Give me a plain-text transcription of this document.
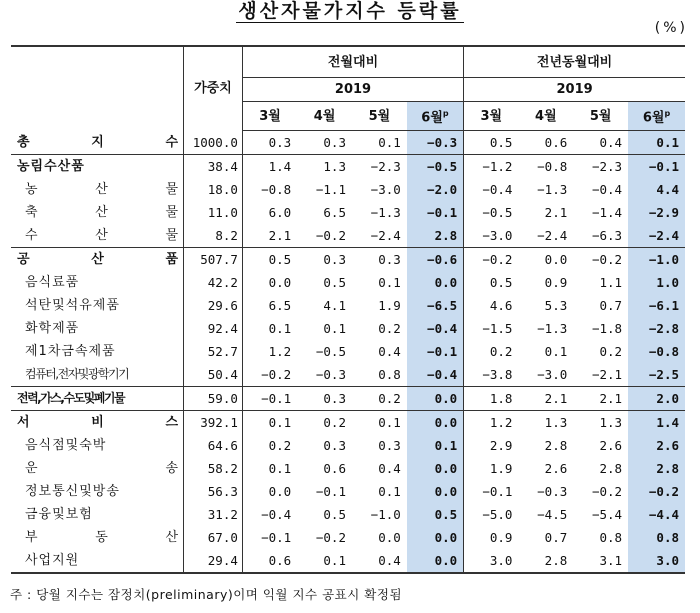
생산자물가지수 등락률
(%)
	가중치	전월대비				전년동월대비			
		2019				2019			
		3월	4월	5월	6월$^p$	3월	4월	5월	6월$^p$
총 지 수	1000.0	0.3	0.3	0.1	−0.3	0.5	0.6	0.4	0.1
농림수산품	38.4	1.4	1.3	−2.3	−0.5	−1.2	−0.8	−2.3	−0.1
농 산 물	18.0	−0.8	−1.1	−3.0	−2.0	−0.4	−1.3	−0.4	4.4
축 산 물	11.0	6.0	6.5	−1.3	−0.1	−0.5	2.1	−1.4	−2.9
수 산 물	8.2	2.1	−0.2	−2.4	2.8	−3.0	−2.4	−6.3	−2.4
공 산 품	507.7	0.5	0.3	0.3	−0.6	−0.2	0.0	−0.2	−1.0
음식료품	42.2	0.0	0.5	0.1	0.0	0.5	0.9	1.1	1.0
석탄및석유제품	29.6	6.5	4.1	1.9	−6.5	4.6	5.3	0.7	−6.1
화학제품	92.4	0.1	0.1	0.2	−0.4	−1.5	−1.3	−1.8	−2.8
제1차금속제품	52.7	1.2	−0.5	0.4	−0.1	0.2	0.1	0.2	−0.8
컴퓨터,전자및광학기기	50.4	−0.2	−0.3	0.8	−0.4	−3.8	−3.0	−2.1	−2.5
전력,가스,수도및폐기물	59.0	−0.1	0.3	0.2	0.0	1.8	2.1	2.1	2.0
서 비 스	392.1	0.1	0.2	0.1	0.0	1.2	1.3	1.3	1.4
음식점및숙박	64.6	0.2	0.3	0.3	0.1	2.9	2.8	2.6	2.6
운 송	58.2	0.1	0.6	0.4	0.0	1.9	2.6	2.8	2.8
정보통신및방송	56.3	0.0	−0.1	0.1	0.0	−0.1	−0.3	−0.2	−0.2
금융및보험	31.2	−0.4	0.5	−1.0	0.5	−5.0	−4.5	−5.4	−4.4
부 동 산	67.0	−0.1	−0.2	0.0	0.0	0.9	0.7	0.8	0.8
사업지원	29.4	0.6	0.1	0.4	0.0	3.0	2.8	3.1	3.0
주 : 당월 지수는 잠정치(preliminary)이며 익월 지수 공표시 확정됨
